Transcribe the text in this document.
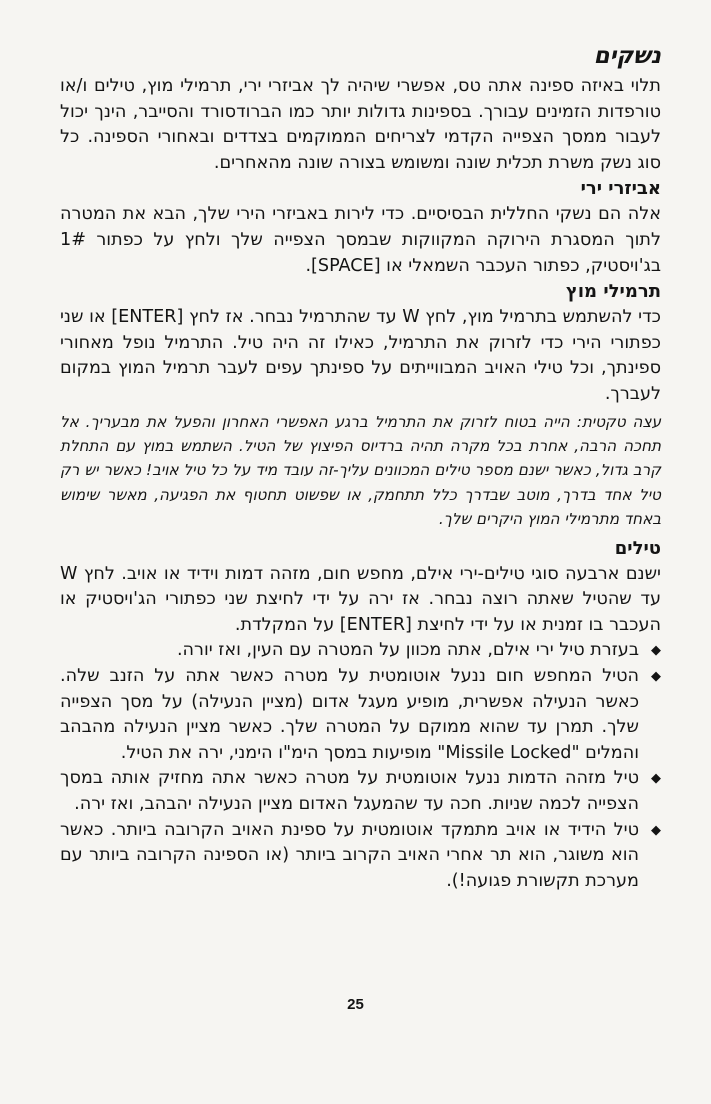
נשקים

תלוי באיזה ספינה אתה טס, אפשרי שיהיה לך אביזרי ירי, תרמילי מוץ, טילים ו/או טורפדות הזמינים עבורך. בספינות גדולות יותר כמו הברודסורד והסייבר, הינך יכול לעבור ממסך הצפייה הקדמי לצריחים הממוקמים בצדדים ובאחורי הספינה. כל סוג נשק משרת תכלית שונה ומשומש בצורה שונה מהאחרים.

אביזרי ירי

אלה הם נשקי החללית הבסיסיים. כדי לירות באביזרי הירי שלך, הבא את המטרה לתוך המסגרת הירוקה המקווקות שבמסך הצפייה שלך ולחץ על כפתור 1# בג'ויסטיק, כפתור העכבר השמאלי או [SPACE].

תרמילי מוץ

כדי להשתמש בתרמיל מוץ, לחץ W עד שהתרמיל נבחר. אז לחץ [ENTER] או שני כפתורי הירי כדי לזרוק את התרמיל, כאילו זה היה טיל. התרמיל נופל מאחורי ספינתך, וכל טילי האויב המבווייתים על ספינתך עפים לעבר תרמיל המוץ במקום לעברך.

עצה טקטית: הייה בטוח לזרוק את התרמיל ברגע האפשרי האחרון והפעל את מבעריך. אל תחכה הרבה, אחרת בכל מקרה תהיה ברדיוס הפיצוץ של הטיל. השתמש במוץ עם התחלת קרב גדול, כאשר ישנם מספר טילים המכוונים עליך-זה עובד מיד על כל טיל אויב! כאשר יש רק טיל אחד בדרך, מוטב שבדרך כלל תתחמק, או שפשוט תחטוף את הפגיעה, מאשר שימוש באחד מתרמילי המוץ היקרים שלך.

טילים

ישנם ארבעה סוגי טילים-ירי אילם, מחפש חום, מזהה דמות וידיד או אויב. לחץ W עד שהטיל שאתה רוצה נבחר. אז ירה על ידי לחיצת שני כפתורי הג'ויסטיק או העכבר בו זמנית או על ידי לחיצת [ENTER] על המקלדת.

◆
בעזרת טיל ירי אילם, אתה מכוון על המטרה עם העין, ואז יורה.
◆
הטיל המחפש חום ננעל אוטומטית על מטרה כאשר אתה על הזנב שלה. כאשר הנעילה אפשרית, מופיע מעגל אדום (מציין הנעילה) על מסך הצפייה שלך. תמרן עד שהוא ממוקם על המטרה שלך. כאשר מציין הנעילה מהבהב והמלים "Missile Locked" מופיעות במסך הימ"ו הימני, ירה את הטיל.
◆
טיל מזהה הדמות ננעל אוטומטית על מטרה כאשר אתה מחזיק אותה במסך הצפייה לכמה שניות. חכה עד שהמעגל האדום מציין הנעילה יהבהב, ואז ירה.
◆
טיל הידיד או אויב מתמקד אוטומטית על ספינת האויב הקרובה ביותר. כאשר הוא משוגר, הוא תר אחרי האויב הקרוב ביותר (או הספינה הקרובה ביותר עם מערכת תקשורת פגועה!).
25
